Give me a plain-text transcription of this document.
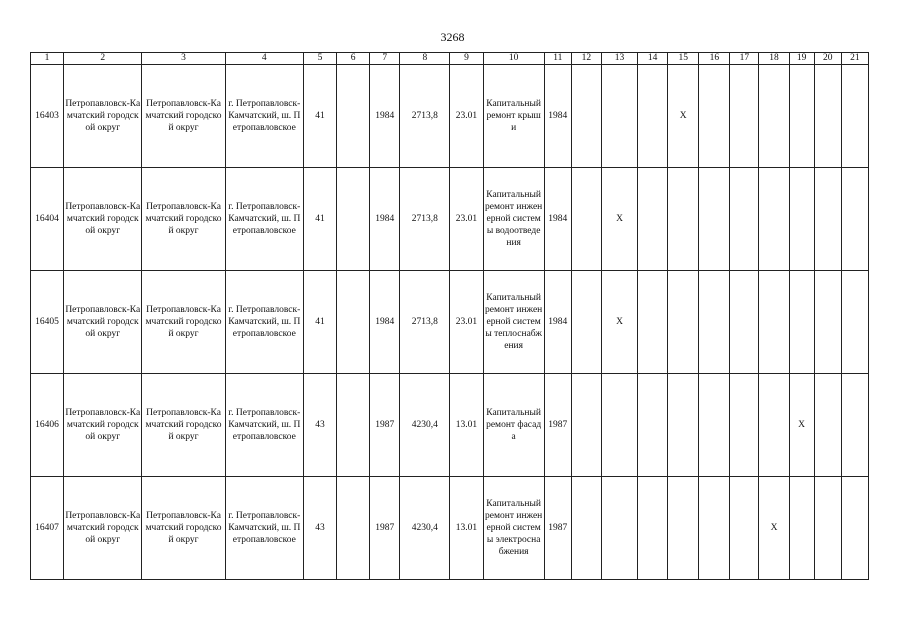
3268
1	2	3	4	5	6	7	8	9	10	11	12	13	14	15	16	17	18	19	20	21
16403	Петропавловск-Камчатский городской округ	Петропавловск-Камчатский городской округ	г. Петропавловск-Камчатский, ш. Петропавловское	41		1984	2713,8	23.01	Капитальный ремонт крыши	1984				X						
16404	Петропавловск-Камчатский городской округ	Петропавловск-Камчатский городской округ	г. Петропавловск-Камчатский, ш. Петропавловское	41		1984	2713,8	23.01	Капитальный ремонт инженерной системы водоотведения	1984		X								
16405	Петропавловск-Камчатский городской округ	Петропавловск-Камчатский городской округ	г. Петропавловск-Камчатский, ш. Петропавловское	41		1984	2713,8	23.01	Капитальный ремонт инженерной системы теплоснабжения	1984		X								
16406	Петропавловск-Камчатский городской округ	Петропавловск-Камчатский городской округ	г. Петропавловск-Камчатский, ш. Петропавловское	43		1987	4230,4	13.01	Капитальный ремонт фасада	1987								X		
16407	Петропавловск-Камчатский городской округ	Петропавловск-Камчатский городской округ	г. Петропавловск-Камчатский, ш. Петропавловское	43		1987	4230,4	13.01	Капитальный ремонт инженерной системы электроснабжения	1987							X			
